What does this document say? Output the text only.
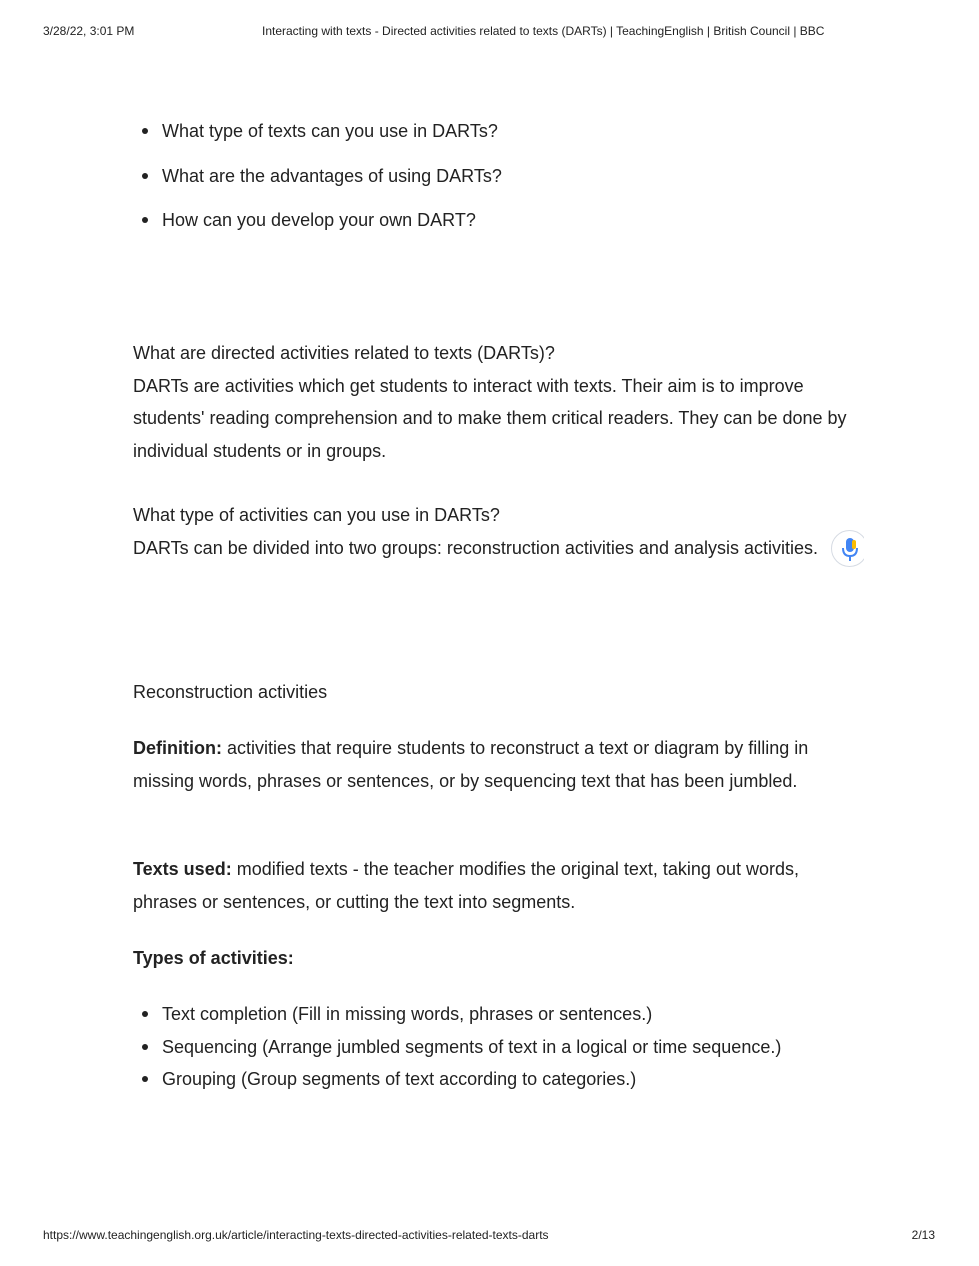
3/28/22, 3:01 PM	Interacting with texts - Directed activities related to texts (DARTs) | TeachingEnglish | British Council | BBC
What type of texts can you use in DARTs?
What are the advantages of using DARTs?
How can you develop your own DART?
What are directed activities related to texts (DARTs)?

DARTs are activities which get students to interact with texts. Their aim is to improve students' reading comprehension and to make them critical readers. They can be done by individual students or in groups.

What type of activities can you use in DARTs?

DARTs can be divided into two groups: reconstruction activities and analysis activities.

Reconstruction activities

Definition: activities that require students to reconstruct a text or diagram by filling in missing words, phrases or sentences, or by sequencing text that has been jumbled.

Texts used: modified texts - the teacher modifies the original text, taking out words, phrases or sentences, or cutting the text into segments.

Types of activities:
Text completion (Fill in missing words, phrases or sentences.)
Sequencing (Arrange jumbled segments of text in a logical or time sequence.)
Grouping (Group segments of text according to categories.)
https://www.teachingenglish.org.uk/article/interacting-texts-directed-activities-related-texts-darts	2/13
